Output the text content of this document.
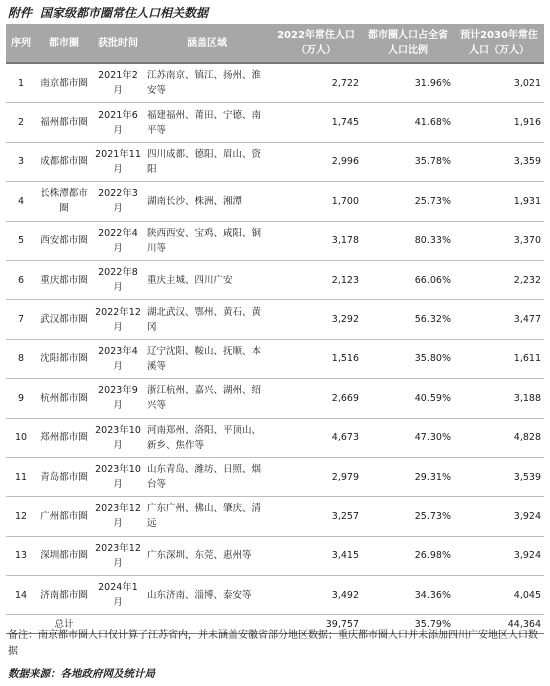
附件 国家级都市圈常住人口相关数据
序列	都市圈	获批时间	涵盖区域	2022年常住人口（万人）	都市圈人口占全省人口比例	预计2030年常住人口（万人）
1	南京都市圈	2021年2月	江苏南京、镇江、扬州、淮安等	2,722	31.96%	3,021
2	福州都市圈	2021年6月	福建福州、莆田、宁德、南平等	1,745	41.68%	1,916
3	成都都市圈	2021年11月	四川成都、德阳、眉山、资阳	2,996	35.78%	3,359
4	长株潭都市圈	2022年3月	湖南长沙、株洲、湘潭	1,700	25.73%	1,931
5	西安都市圈	2022年4月	陕西西安、宝鸡、咸阳、铜川等	3,178	80.33%	3,370
6	重庆都市圈	2022年8月	重庆主城、四川广安	2,123	66.06%	2,232
7	武汉都市圈	2022年12月	湖北武汉、鄂州、黄石、黄冈	3,292	56.32%	3,477
8	沈阳都市圈	2023年4月	辽宁沈阳、鞍山、抚顺、本溪等	1,516	35.80%	1,611
9	杭州都市圈	2023年9月	浙江杭州、嘉兴、湖州、绍兴等	2,669	40.59%	3,188
10	郑州都市圈	2023年10月	河南郑州、洛阳、平顶山、新乡、焦作等	4,673	47.30%	4,828
11	青岛都市圈	2023年10月	山东青岛、潍坊、日照、烟台等	2,979	29.31%	3,539
12	广州都市圈	2023年12月	广东广州、佛山、肇庆、清远	3,257	25.73%	3,924
13	深圳都市圈	2023年12月	广东深圳、东莞、惠州等	3,415	26.98%	3,924
14	济南都市圈	2024年1月	山东济南、淄博、泰安等	3,492	34.36%	4,045
	总计			39,757	35.79%	44,364
备注：南京都市圈人口仅计算了江苏省内，并未涵盖安徽省部分地区数据；重庆都市圈人口并未添加四川广安地区人口数据
数据来源：各地政府网及统计局
